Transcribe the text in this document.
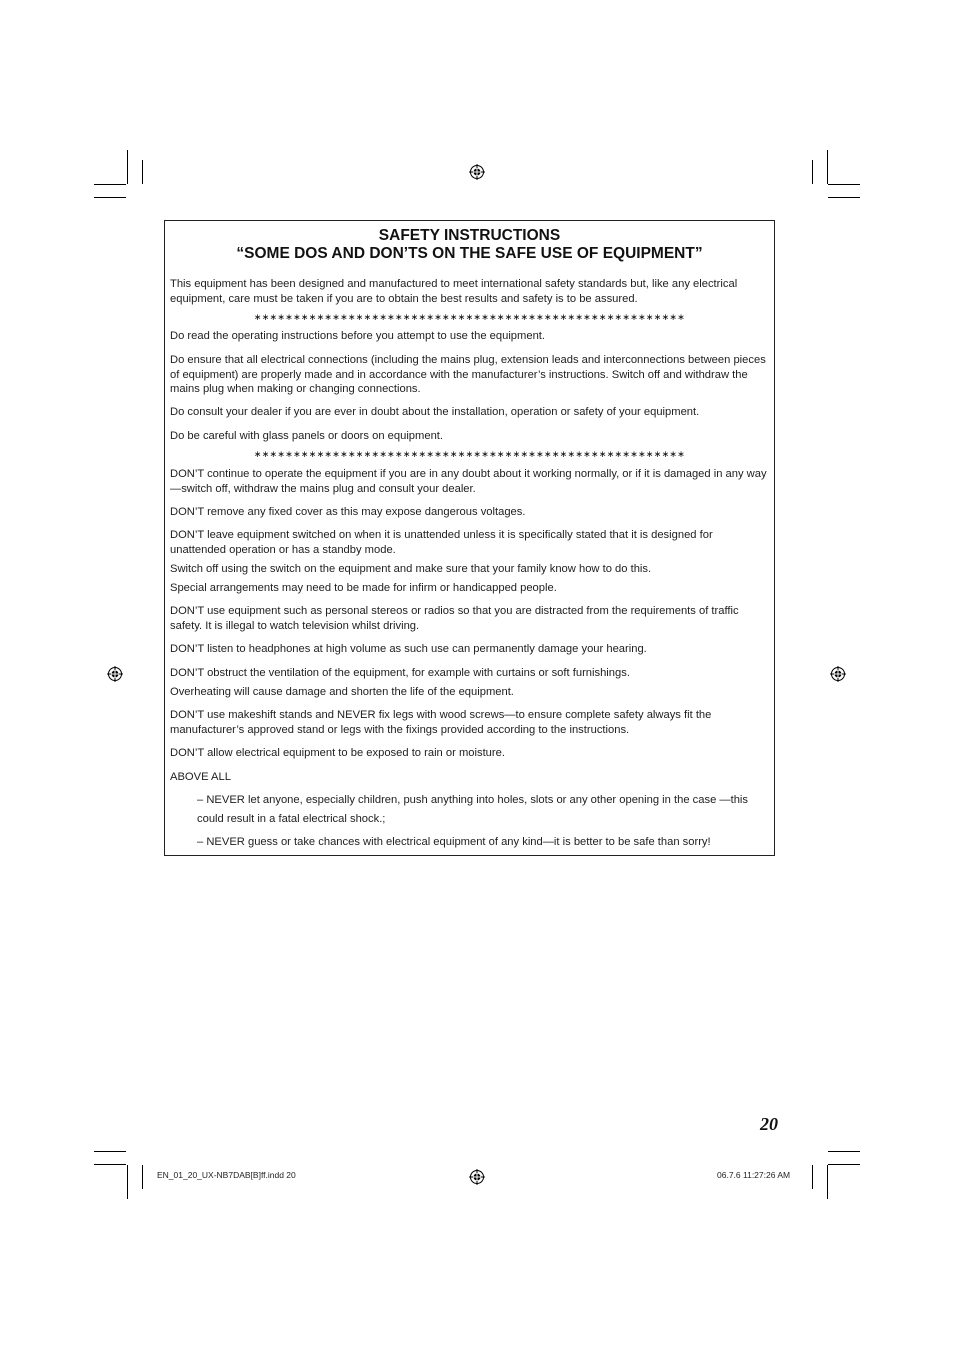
SAFETY INSTRUCTIONS
“SOME DOS AND DON’TS ON THE SAFE USE OF EQUIPMENT”
This equipment has been designed and manufactured to meet international safety standards but, like any electrical equipment, care must be taken if you are to obtain the best results and safety is to be assured.
∗∗∗∗∗∗∗∗∗∗∗∗∗∗∗∗∗∗∗∗∗∗∗∗∗∗∗∗∗∗∗∗∗∗∗∗∗∗∗∗∗∗∗∗∗∗∗∗∗∗∗∗∗∗∗
Do read the operating instructions before you attempt to use the equipment.
Do ensure that all electrical connections (including the mains plug, extension leads and interconnections between pieces of equipment) are properly made and in accordance with the manufacturer’s instructions. Switch off and withdraw the mains plug when making or changing connections.
Do consult your dealer if you are ever in doubt about the installation, operation or safety of your equipment.
Do be careful with glass panels or doors on equipment.
∗∗∗∗∗∗∗∗∗∗∗∗∗∗∗∗∗∗∗∗∗∗∗∗∗∗∗∗∗∗∗∗∗∗∗∗∗∗∗∗∗∗∗∗∗∗∗∗∗∗∗∗∗∗∗
DON’T continue to operate the equipment if you are in any doubt about it working normally, or if it is damaged in any way—switch off, withdraw the mains plug and consult your dealer.
DON’T remove any fixed cover as this may expose dangerous voltages.
DON’T leave equipment switched on when it is unattended unless it is specifically stated that it is designed for unattended operation or has a standby mode.
Switch off using the switch on the equipment and make sure that your family know how to do this.
Special arrangements may need to be made for infirm or handicapped people.
DON’T use equipment such as personal stereos or radios so that you are distracted from the requirements of traffic safety. It is illegal to watch television whilst driving.
DON’T listen to headphones at high volume as such use can permanently damage your hearing.
DON’T obstruct the ventilation of the equipment, for example with curtains or soft furnishings.
Overheating will cause damage and shorten the life of the equipment.
DON’T use makeshift stands and NEVER fix legs with wood screws—to ensure complete safety always fit the manufacturer’s approved stand or legs with the fixings provided according to the instructions.
DON’T allow electrical equipment to be exposed to rain or moisture.
ABOVE ALL
– NEVER let anyone, especially children, push anything into holes, slots or any other opening in the case —this could result in a fatal electrical shock.;
– NEVER guess or take chances with electrical equipment of any kind—it is better to be safe than sorry!
20
EN_01_20_UX-NB7DAB[B]ff.indd 20	06.7.6 11:27:26 AM
